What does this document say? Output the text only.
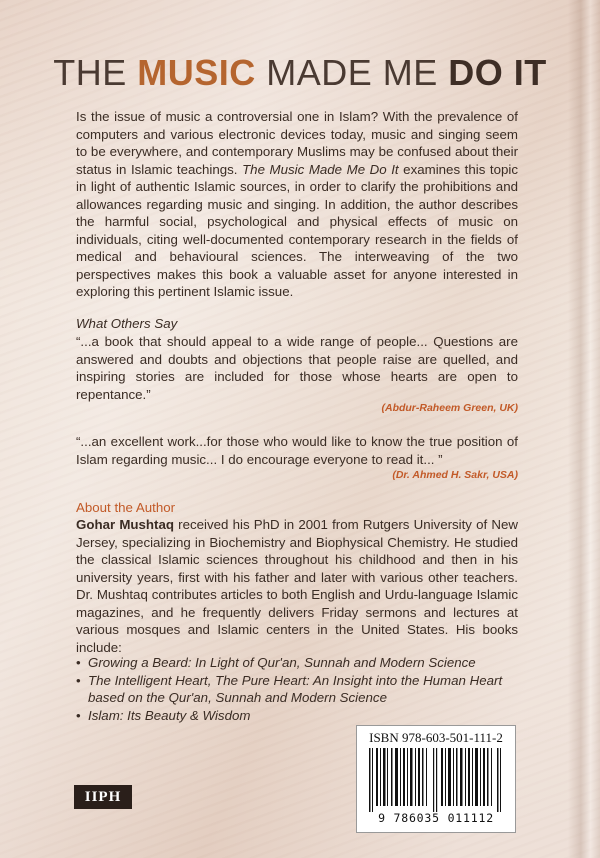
THE MUSIC MADE ME DO IT
Is the issue of music a controversial one in Islam? With the prevalence of computers and various electronic devices today, music and singing seem to be everywhere, and contemporary Muslims may be confused about their status in Islamic teachings. The Music Made Me Do It examines this topic in light of authentic Islamic sources, in order to clarify the prohibitions and allowances regarding music and singing. In addition, the author describes the harmful social, psychological and physical effects of music on individuals, citing well-documented contemporary research in the fields of medical and behavioural sciences. The interweaving of the two perspectives makes this book a valuable asset for anyone interested in exploring this pertinent Islamic issue.
What Others Say
“...a book that should appeal to a wide range of people... Questions are answered and doubts and objections that people raise are quelled, and inspiring stories are included for those whose hearts are open to repentance.”
(Abdur-Raheem Green, UK)
“...an excellent work...for those who would like to know the true position of Islam regarding music... I do encourage everyone to read it... ”
(Dr. Ahmed H. Sakr, USA)
About the Author
Gohar Mushtaq received his PhD in 2001 from Rutgers University of New Jersey, specializing in Biochemistry and Biophysical Chemistry. He studied the classical Islamic sciences throughout his childhood and then in his university years, first with his father and later with various other teachers. Dr. Mushtaq contributes articles to both English and Urdu-language Islamic magazines, and he frequently delivers Friday sermons and lectures at various mosques and Islamic centers in the United States. His books include:
• Growing a Beard: In Light of Qur'an, Sunnah and Modern Science
• The Intelligent Heart, The Pure Heart: An Insight into the Human Heart based on the Qur'an, Sunnah and Modern Science
• Islam: Its Beauty & Wisdom
IIPH
ISBN 978-603-501-111-2
9 786035 011112
